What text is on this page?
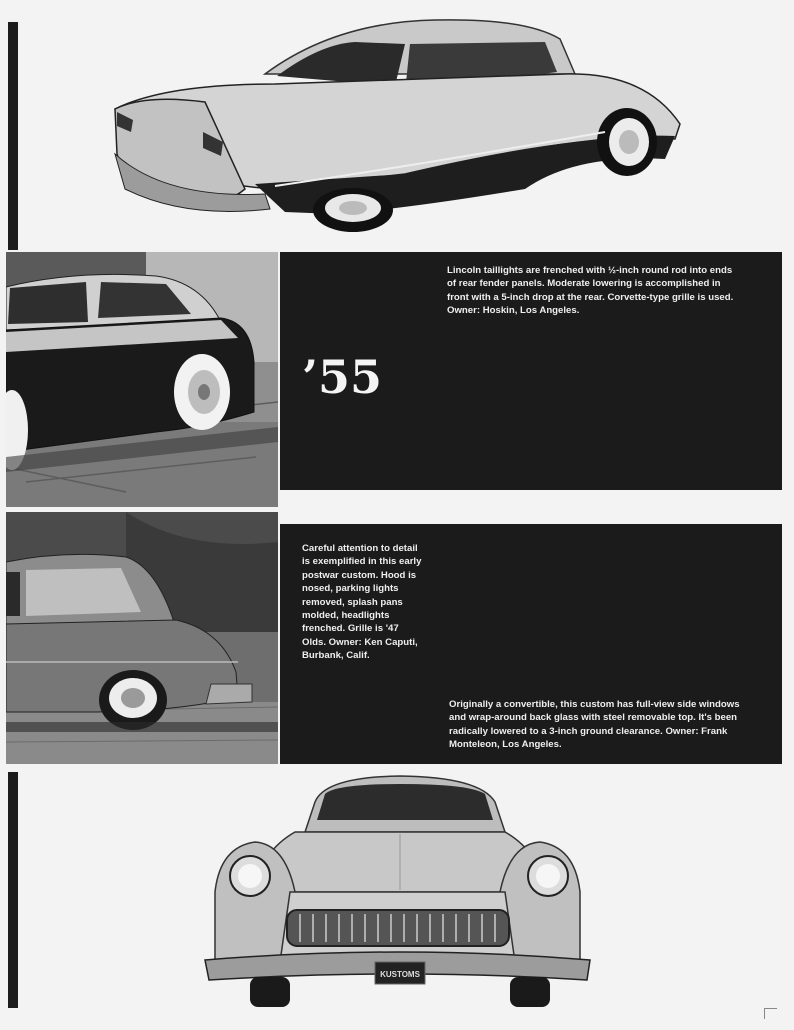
Lincoln taillights are frenched with ½-inch round rod into ends of rear fender panels. Moderate lowering is accomplished in front with a 5-inch drop at the rear. Corvette-type grille is used. Owner: Hoskin, Los Angeles.
’55
Careful attention to detail is exemplified in this early postwar custom. Hood is nosed, parking lights removed, splash pans molded, headlights frenched. Grille is '47 Olds. Owner: Ken Caputi, Burbank, Calif.
Originally a convertible, this custom has full-view side windows and wrap-around back glass with steel removable top. It's been radically lowered to a 3-inch ground clearance. Owner: Frank Monteleon, Los Angeles.
KUSTOMS
